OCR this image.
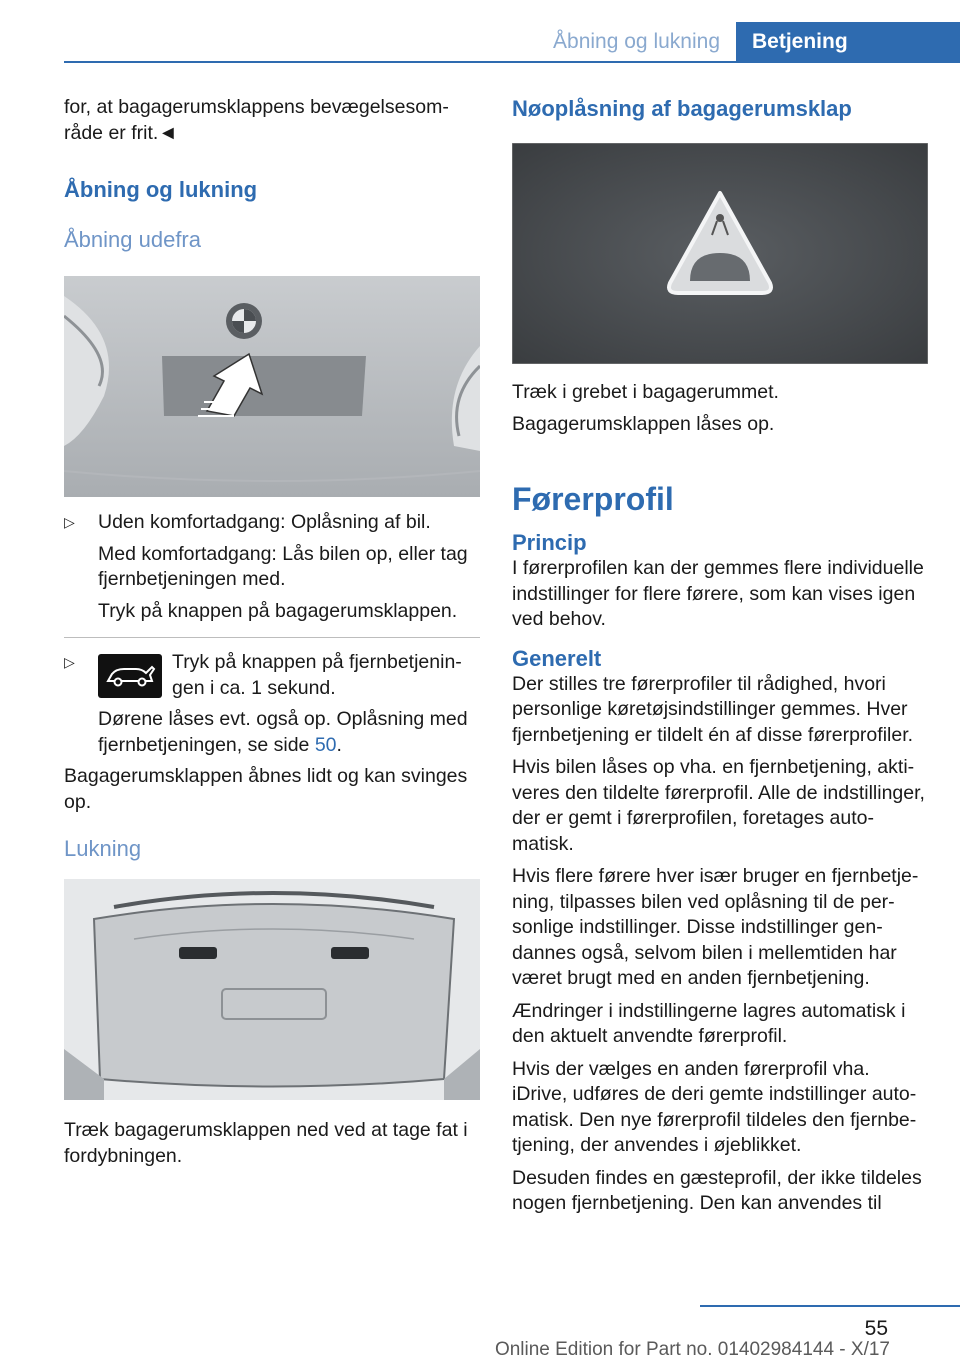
Åbning og lukning	Betjening

for, at bagagerumsklappens bevægelsesområde er frit.◄

Åbning og lukning

Åbning udefra

▷ Uden komfortadgang: Oplåsning af bil.

Med komfortadgang: Lås bilen op, eller tag fjernbetjeningen med.

Tryk på knappen på bagagerumsklappen.

▷	Tryk på knappen på fjernbetjeningen i ca. 1 sekund.

Dørene låses evt. også op. Oplåsning med fjernbetjeningen, se side 50.

Bagagerumsklappen åbnes lidt og kan svinges op.

Lukning

Træk bagagerumsklappen ned ved at tage fat i fordybningen.

Nøoplåsning af bagagerumsklap

Træk i grebet i bagagerummet.

Bagagerumsklappen låses op.

Førerprofil

Princip

I førerprofilen kan der gemmes flere individuelle indstillinger for flere førere, som kan vises igen ved behov.

Generelt

Der stilles tre førerprofiler til rådighed, hvori personlige køretøjsindstillinger gemmes. Hver fjernbetjening er tildelt én af disse førerprofiler.

Hvis bilen låses op vha. en fjernbetjening, aktiveres den tildelte førerprofil. Alle de indstillinger, der er gemt i førerprofilen, foretages automatisk.

Hvis flere førere hver især bruger en fjernbetjening, tilpasses bilen ved oplåsning til de personlige indstillinger. Disse indstillinger gendannes også, selvom bilen i mellemtiden har været brugt med en anden fjernbetjening.

Ændringer i indstillingerne lagres automatisk i den aktuelt anvendte førerprofil.

Hvis der vælges en anden førerprofil vha. iDrive, udføres de deri gemte indstillinger automatisk. Den nye førerprofil tildeles den fjernbetjening, der anvendes i øjeblikket.

Desuden findes en gæsteprofil, der ikke tildeles nogen fjernbetjening. Den kan anvendes til

55
Online Edition for Part no. 01402984144 - X/17
